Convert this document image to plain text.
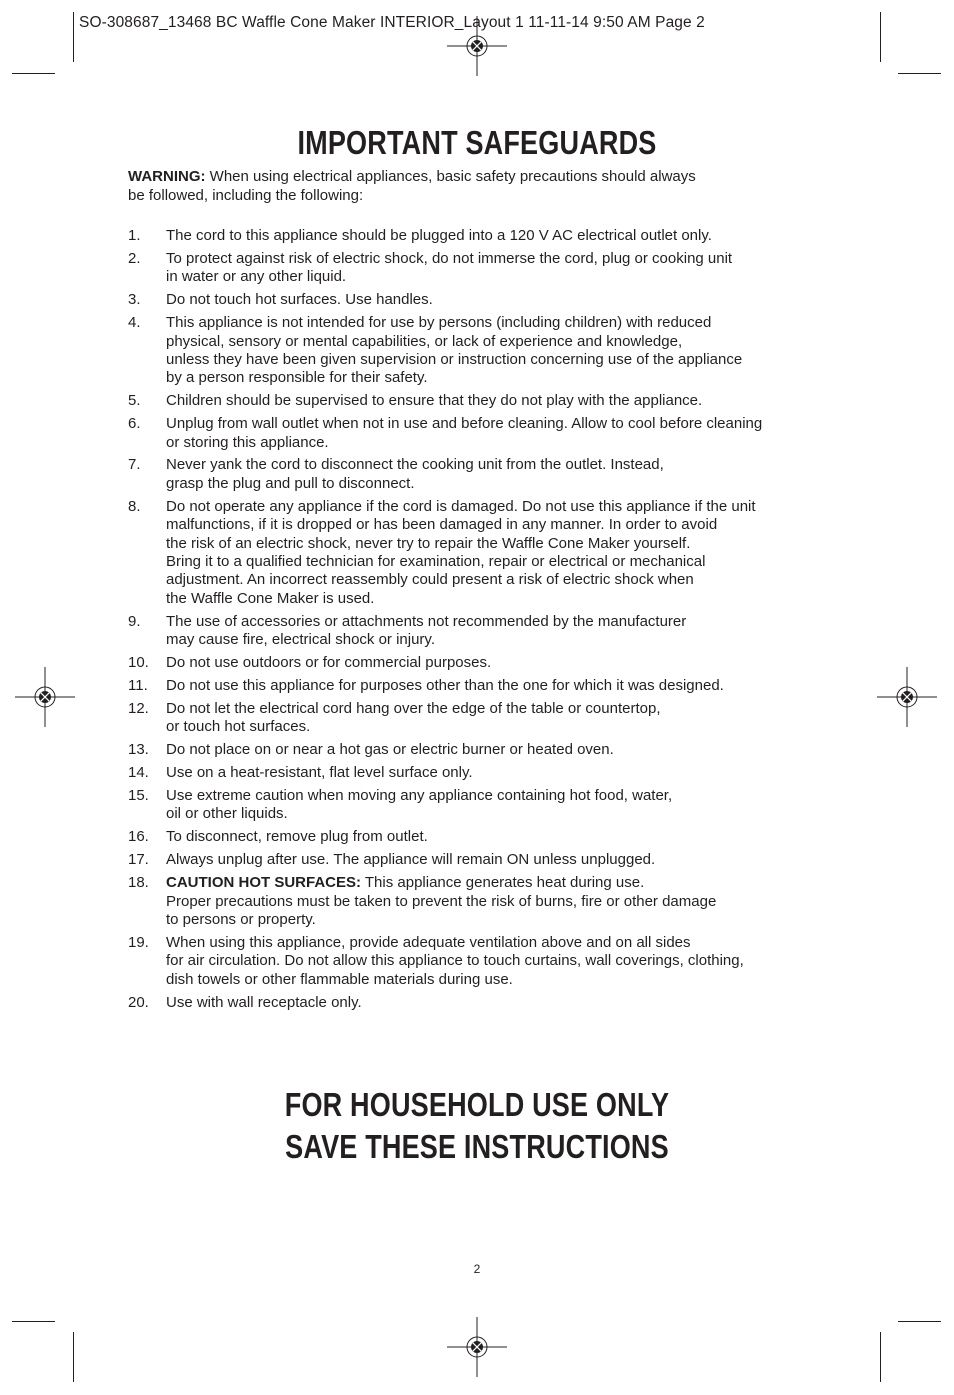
SO-308687_13468 BC Waffle Cone Maker INTERIOR_Layout 1 11-11-14 9:50 AM Page 2
IMPORTANT SAFEGUARDS

WARNING: When using electrical appliances, basic safety precautions should always
be followed, including the following:

1. The cord to this appliance should be plugged into a 120 V AC electrical outlet only.
2. To protect against risk of electric shock, do not immerse the cord, plug or cooking unit
in water or any other liquid.
3. Do not touch hot surfaces. Use handles.
4. This appliance is not intended for use by persons (including children) with reduced
physical, sensory or mental capabilities, or lack of experience and knowledge,
unless they have been given supervision or instruction concerning use of the appliance
by a person responsible for their safety.
5. Children should be supervised to ensure that they do not play with the appliance.
6. Unplug from wall outlet when not in use and before cleaning. Allow to cool before cleaning
or storing this appliance.
7. Never yank the cord to disconnect the cooking unit from the outlet. Instead,
grasp the plug and pull to disconnect.
8. Do not operate any appliance if the cord is damaged. Do not use this appliance if the unit
malfunctions, if it is dropped or has been damaged in any manner. In order to avoid
the risk of an electric shock, never try to repair the Waffle Cone Maker yourself.
Bring it to a qualified technician for examination, repair or electrical or mechanical
adjustment. An incorrect reassembly could present a risk of electric shock when
the Waffle Cone Maker is used.
9. The use of accessories or attachments not recommended by the manufacturer
may cause fire, electrical shock or injury.
10. Do not use outdoors or for commercial purposes.
11. Do not use this appliance for purposes other than the one for which it was designed.
12. Do not let the electrical cord hang over the edge of the table or countertop,
or touch hot surfaces.
13. Do not place on or near a hot gas or electric burner or heated oven.
14. Use on a heat-resistant, flat level surface only.
15. Use extreme caution when moving any appliance containing hot food, water,
oil or other liquids.
16. To disconnect, remove plug from outlet.
17. Always unplug after use. The appliance will remain ON unless unplugged.
18. CAUTION HOT SURFACES: This appliance generates heat during use.
Proper precautions must be taken to prevent the risk of burns, fire or other damage
to persons or property.
19. When using this appliance, provide adequate ventilation above and on all sides
for air circulation. Do not allow this appliance to touch curtains, wall coverings, clothing,
dish towels or other flammable materials during use.
20. Use with wall receptacle only.
FOR HOUSEHOLD USE ONLY
SAVE THESE INSTRUCTIONS
2
